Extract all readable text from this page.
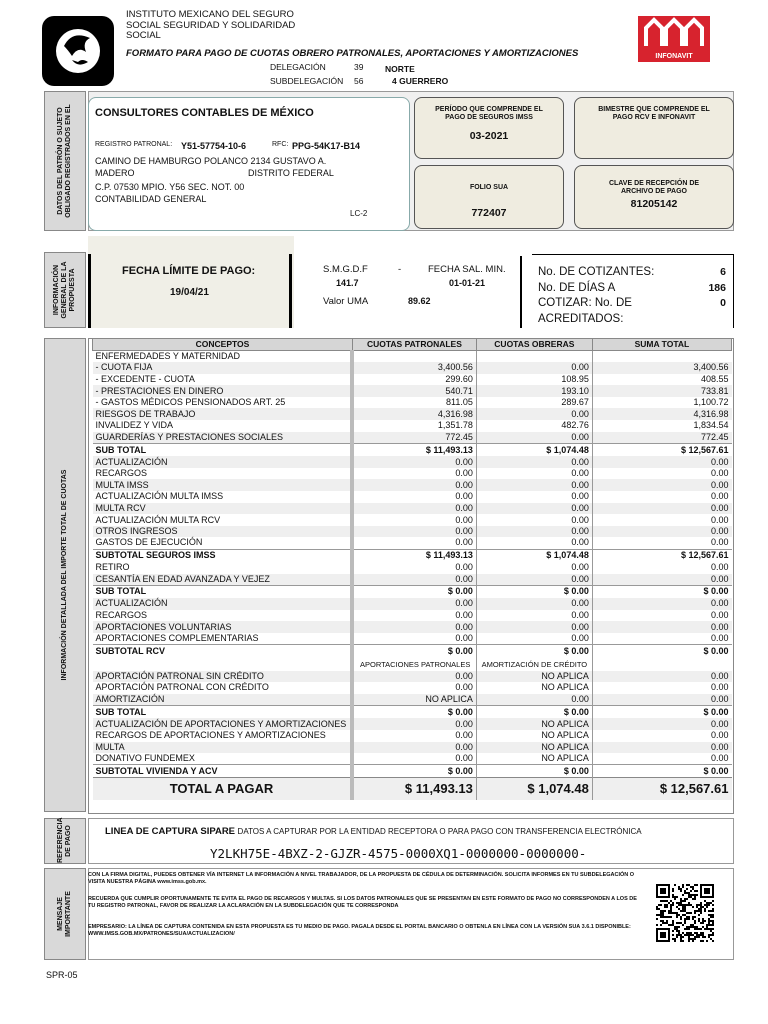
INSTITUTO MEXICANO DEL SEGURO
SOCIAL SEGURIDAD Y SOLIDARIDAD
SOCIAL
FORMATO PARA PAGO DE CUOTAS OBRERO PATRONALES, APORTACIONES Y AMORTIZACIONES
DELEGACIÓN	39	NORTE
SUBDELEGACIÓN 56	4 GUERRERO
INFONAVIT
DATOS DEL PATRÓN O SUJETO OBLIGADO REGISTRADOS EN EL CONSULTORES CONTABLES DE MÉXICO
REGISTRO PATRONAL: Y51-57754-10-6	RFC: PPG-54K17-B14
CAMINO DE HAMBURGO POLANCO 2134 GUSTAVO A.
MADERO	DISTRITO FEDERAL
C.P. 07530 MPIO. Y56 SEC. NOT. 00
CONTABILIDAD GENERAL
LC-2
PERÍODO QUE COMPRENDE EL PAGO DE SEGUROS IMSS
03-2021
BIMESTRE QUE COMPRENDE EL PAGO RCV E INFONAVIT
FOLIO SUA
772407
CLAVE DE RECEPCIÓN DE ARCHIVO DE PAGO
81205142
INFORMACIÓN GENERAL DE LA PROPUESTA	FECHA LÍMITE DE PAGO:
19/04/21
S.M.G.D.F	-
141.7
FECHA SAL. MIN.
01-01-21
Valor UMA	89.62
No. DE COTIZANTES:	6
No. DE DÍAS A	186
COTIZAR: No. DE	0
ACREDITADOS:
INFORMACIÓN DETALLADA DEL IMPORTE TOTAL DE CUOTAS
CONCEPTOS	CUOTAS PATRONALES	CUOTAS OBRERAS	SUMA TOTAL
ENFERMEDADES Y MATERNIDAD			
- CUOTA FIJA	3,400.56	0.00	3,400.56
- EXCEDENTE - CUOTA	299.60	108.95	408.55
- PRESTACIONES EN DINERO	540.71	193.10	733.81
- GASTOS MÉDICOS PENSIONADOS ART. 25	811.05	289.67	1,100.72
RIESGOS DE TRABAJO	4,316.98	0.00	4,316.98
INVALIDEZ Y VIDA	1,351.78	482.76	1,834.54
GUARDERÍAS Y PRESTACIONES SOCIALES	772.45	0.00	772.45
SUB TOTAL	$ 11,493.13	$ 1,074.48	$ 12,567.61
ACTUALIZACIÓN	0.00	0.00	0.00
RECARGOS	0.00	0.00	0.00
MULTA IMSS	0.00	0.00	0.00
ACTUALIZACIÓN MULTA IMSS	0.00	0.00	0.00
MULTA RCV	0.00	0.00	0.00
ACTUALIZACIÓN MULTA RCV	0.00	0.00	0.00
OTROS INGRESOS	0.00	0.00	0.00
GASTOS DE EJECUCIÓN	0.00	0.00	0.00
SUBTOTAL SEGUROS IMSS	$ 11,493.13	$ 1,074.48	$ 12,567.61
RETIRO	0.00	0.00	0.00
CESANTÍA EN EDAD AVANZADA Y VEJEZ	0.00	0.00	0.00
SUB TOTAL	$ 0.00	$ 0.00	$ 0.00
ACTUALIZACIÓN	0.00	0.00	0.00
RECARGOS	0.00	0.00	0.00
APORTACIONES VOLUNTARIAS	0.00	0.00	0.00
APORTACIONES COMPLEMENTARIAS	0.00	0.00	0.00
SUBTOTAL RCV	$ 0.00	$ 0.00	$ 0.00
	APORTACIONES PATRONALES	AMORTIZACIÓN DE CRÉDITO	
APORTACIÓN PATRONAL SIN CRÉDITO	0.00	NO APLICA	0.00
APORTACIÓN PATRONAL CON CRÉDITO	0.00	NO APLICA	0.00
AMORTIZACIÓN	NO APLICA	0.00	0.00
SUB TOTAL	$ 0.00	$ 0.00	$ 0.00
ACTUALIZACIÓN DE APORTACIONES Y AMORTIZACIONES	0.00	NO APLICA	0.00
RECARGOS DE APORTACIONES Y AMORTIZACIONES	0.00	NO APLICA	0.00
MULTA	0.00	NO APLICA	0.00
DONATIVO FUNDEMEX	0.00	NO APLICA	0.00
SUBTOTAL VIVIENDA Y ACV	$ 0.00	$ 0.00	$ 0.00
TOTAL A PAGAR	$ 11,493.13	$ 1,074.48	$ 12,567.61
REFERENCIA DE PAGO	LINEA DE CAPTURA SIPARE DATOS A CAPTURAR POR LA ENTIDAD RECEPTORA O PARA PAGO CON TRANSFERENCIA ELECTRÓNICA
Y2LKH75E-4BXZ-2-GJZR-4575-0000XQ1-0000000-0000000-
MENSAJE IMPORTANTE
CON LA FIRMA DIGITAL, PUEDES OBTENER VÍA INTERNET LA INFORMACIÓN A NIVEL TRABAJADOR, DE LA PROPUESTA DE CÉDULA DE DETERMINACIÓN. SOLICITA INFORMES EN TU SUBDELEGACIÓN O VISITA NUESTRA PÁGINA www.imss.gob.mx.
RECUERDA QUE CUMPLIR OPORTUNAMENTE TE EVITA EL PAGO DE RECARGOS Y MULTAS. SI LOS DATOS PATRONALES QUE SE PRESENTAN EN ESTE FORMATO DE PAGO NO CORRESPONDEN A LOS DE TU REGISTRO PATRONAL, FAVOR DE REALIZAR LA ACLARACIÓN EN LA SUBDELEGACIÓN QUE TE CORRESPONDA
EMPRESARIO: LA LÍNEA DE CAPTURA CONTENIDA EN ESTA PROPUESTA ES TU MEDIO DE PAGO. PAGALA DESDE EL PORTAL BANCARIO O OBTENLA EN LÍNEA CON LA VERSIÓN SUA 3.6.1 DISPONIBLE: WWW.IMSS.GOB.MX/PATRONES/SUA/ACTUALIZACION/
SPR-05
